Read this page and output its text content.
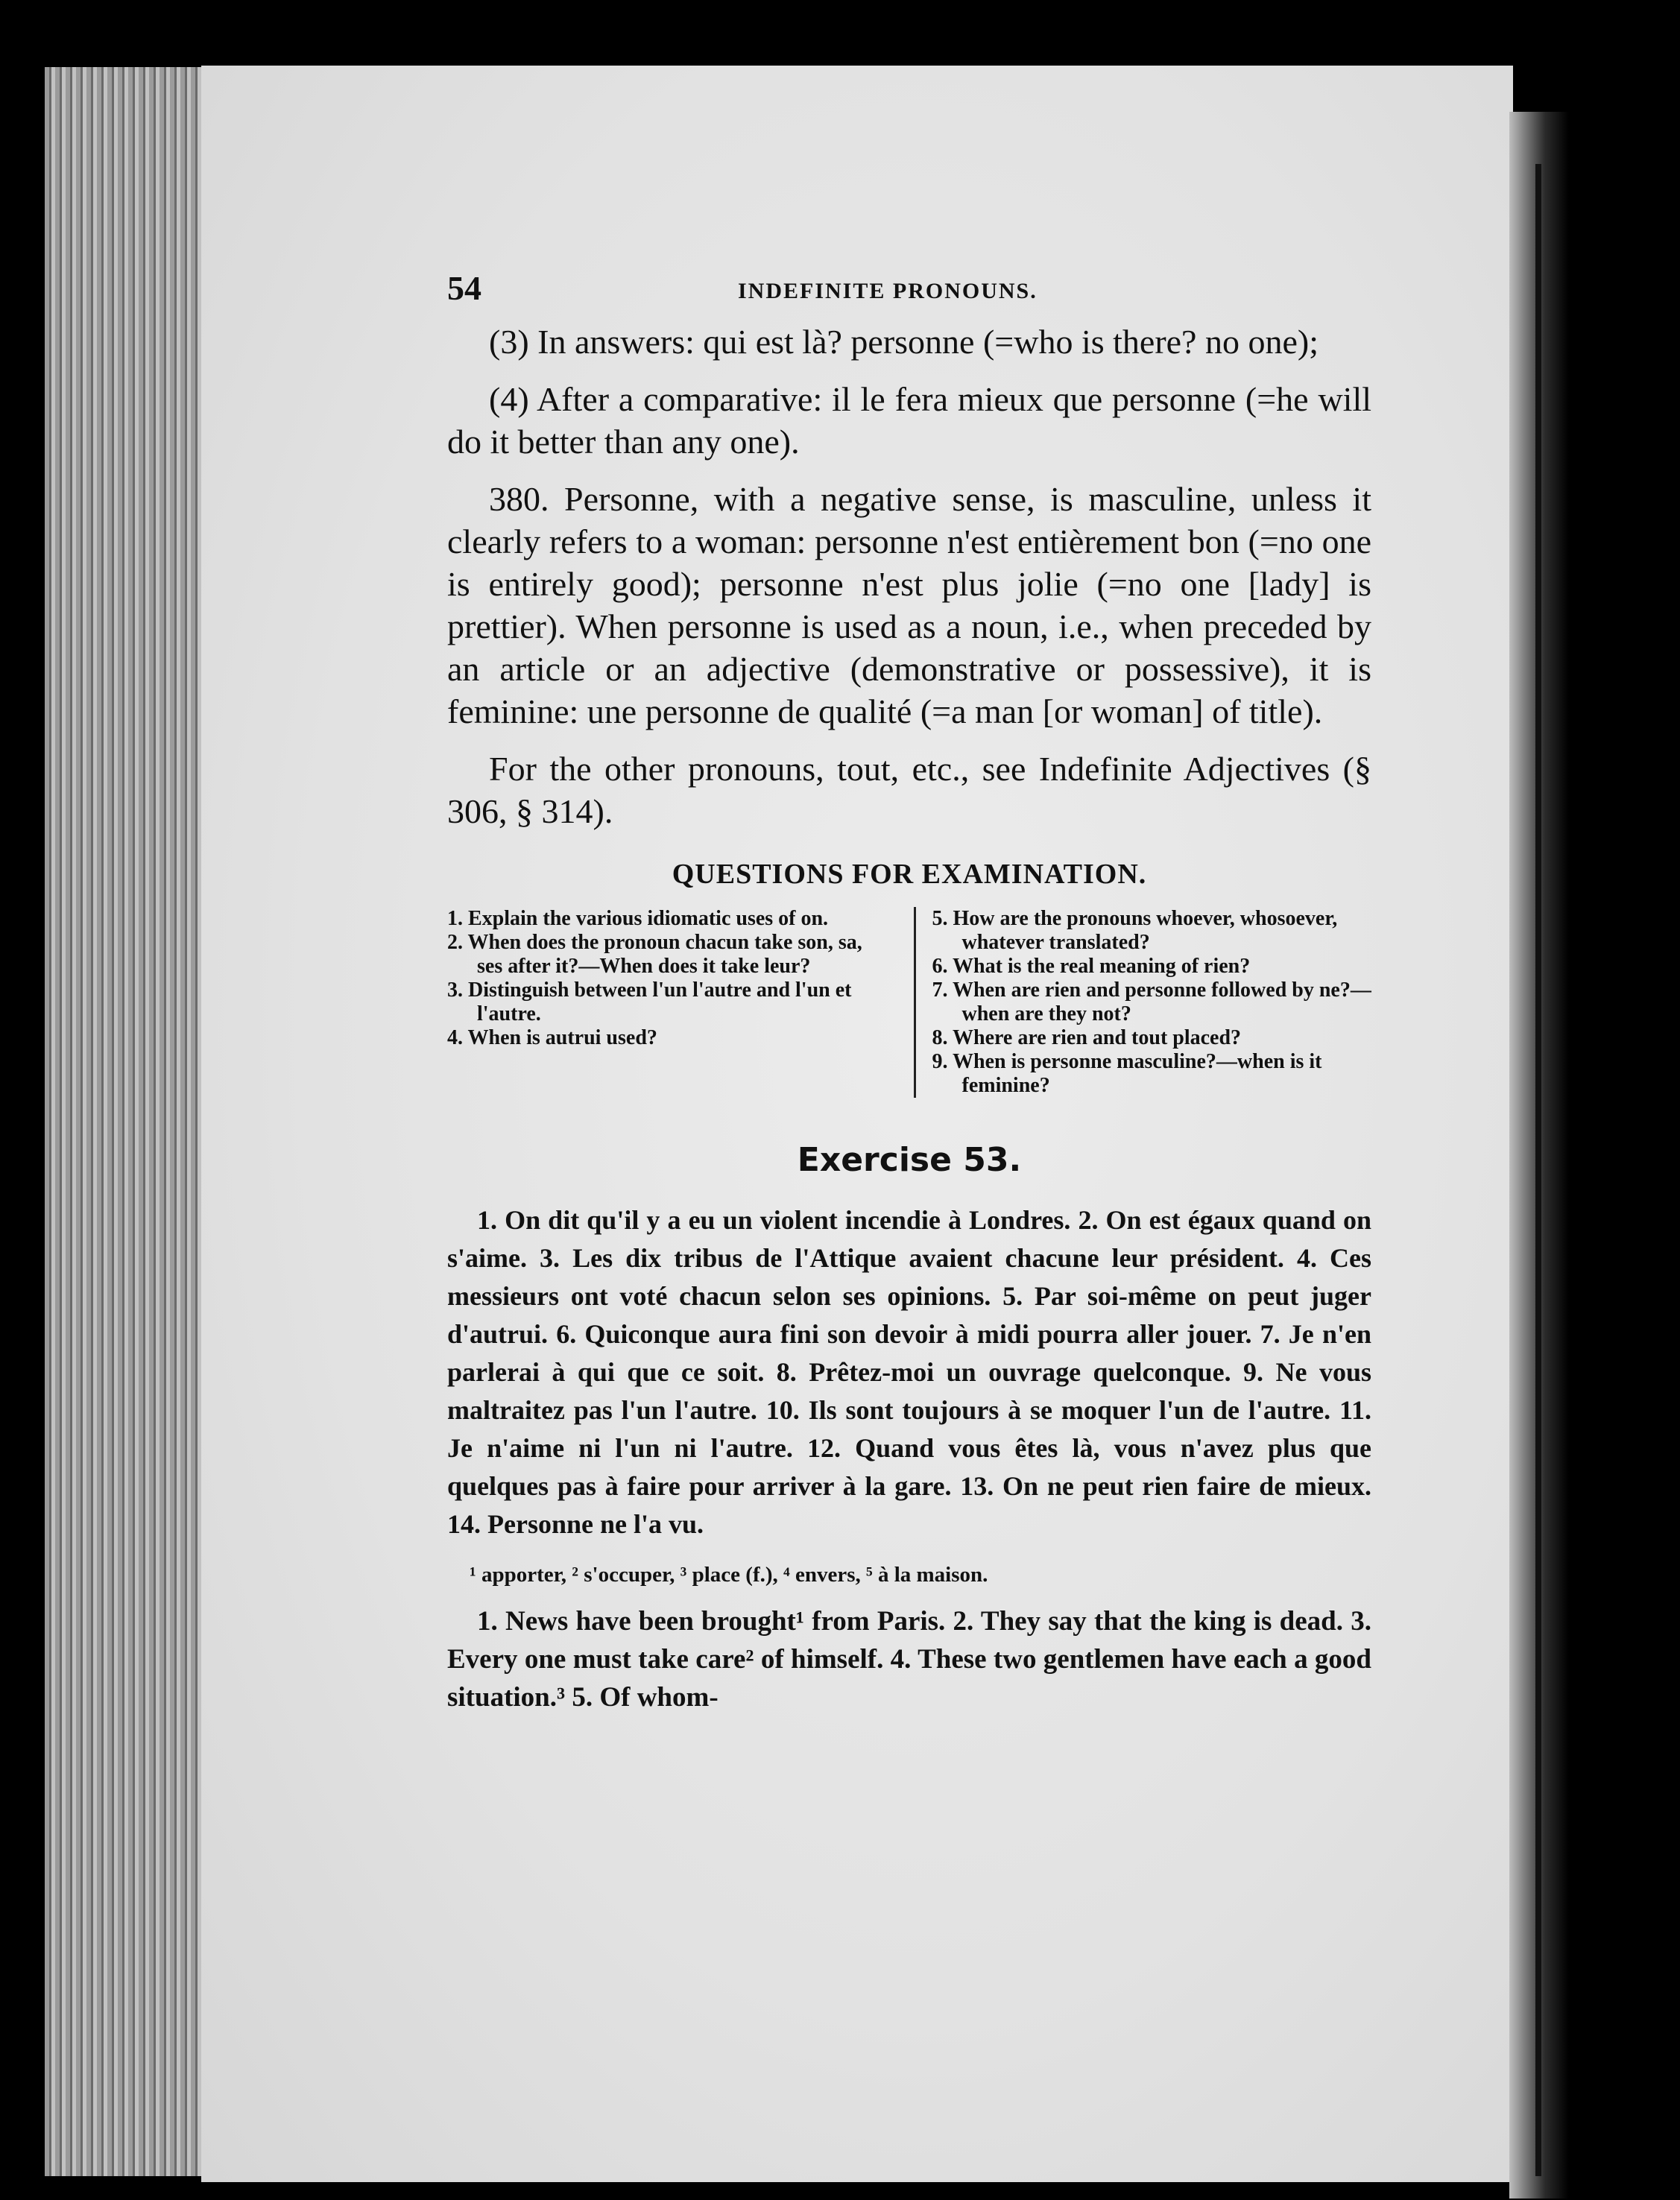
54	INDEFINITE PRONOUNS.

(3) In answers: qui est là? personne (=who is there? no one);

(4) After a comparative: il le fera mieux que personne (=he will do it better than any one).

380. Personne, with a negative sense, is masculine, unless it clearly refers to a woman: personne n'est entièrement bon (=no one is entirely good); personne n'est plus jolie (=no one [lady] is prettier). When personne is used as a noun, i.e., when preceded by an article or an adjective (demonstrative or possessive), it is feminine: une personne de qualité (=a man [or woman] of title).

For the other pronouns, tout, etc., see Indefinite Adjectives (§ 306, § 314).

QUESTIONS FOR EXAMINATION.
1. Explain the various idiomatic uses of on.
2. When does the pronoun chacun take son, sa, ses after it?—When does it take leur?
3. Distinguish between l'un l'autre and l'un et l'autre.
4. When is autrui used?
5. How are the pronouns whoever, whosoever, whatever translated?
6. What is the real meaning of rien?
7. When are rien and personne followed by ne?—when are they not?
8. Where are rien and tout placed?
9. When is personne masculine?—when is it feminine?
Exercise 53.

1. On dit qu'il y a eu un violent incendie à Londres. 2. On est égaux quand on s'aime. 3. Les dix tribus de l'Attique avaient chacune leur président. 4. Ces messieurs ont voté chacun selon ses opinions. 5. Par soi-même on peut juger d'autrui. 6. Quiconque aura fini son devoir à midi pourra aller jouer. 7. Je n'en parlerai à qui que ce soit. 8. Prêtez-moi un ouvrage quelconque. 9. Ne vous maltraitez pas l'un l'autre. 10. Ils sont toujours à se moquer l'un de l'autre. 11. Je n'aime ni l'un ni l'autre. 12. Quand vous êtes là, vous n'avez plus que quelques pas à faire pour arriver à la gare. 13. On ne peut rien faire de mieux. 14. Personne ne l'a vu.

¹ apporter, ² s'occuper, ³ place (f.), ⁴ envers, ⁵ à la maison.

1. News have been brought¹ from Paris. 2. They say that the king is dead. 3. Every one must take care² of himself. 4. These two gentlemen have each a good situation.³ 5. Of whom-
